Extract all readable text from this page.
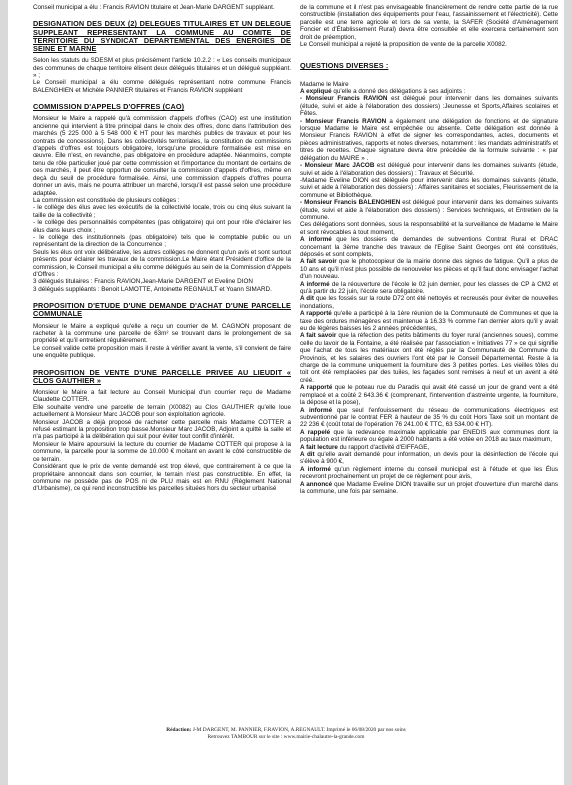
Conseil municipal a élu : Francis RAVION titulaire et Jean-Marie DARGENT suppléant.

DESIGNATION DES DEUX (2) DELEGUES TITULAIRES ET UN DELEGUE SUPPLEANT REPRESENTANT LA COMMUNE AU COMITE DE TERRITOIRE DU SYNDICAT DEPARTEMENTAL DES ENERGIES DE SEINE ET MARNE

Selon les statuts du SDESM et plus précisément l'article 10.2.2 : « Les conseils municipaux des communes de chaque territoire élisent deux délégués titulaires et un délégué suppléant. » ;

Le Conseil municipal a élu comme délégués représentant notre commune Francis BALENGHIEN et Michèle PANNIER titulaires et Francis RAVION suppléant

COMMISSION D'APPELS D'OFFRES (CAO)

Monsieur le Maire a rappelé qu'à commission d'appels d'offres (CAO) est une institution ancienne qui intervient à titre principal dans le choix des offres, donc dans l'attribution des marchés (5 225 000 à 5 548 000 € HT pour les marchés publics de travaux et pour les contrats de concessions). Dans les collectivités territoriales, la constitution de commissions d'appels d'offres est toujours obligatoire, lorsqu'une procédure formalisée est mise en œuvre. Elle n'est, en revanche, pas obligatoire en procédure adaptée. Néanmoins, compte tenu de rôle particulier joué par cette commission et l'importance du montant de certains de ces marchés, il peut être opportun de consulter la commission d'appels d'offres, même en deçà du seuil de procédure formalisée. Ainsi, une commission d'appels d'offres pourra donner un avis, mais ne pourra attribuer un marché, lorsqu'il est passé selon une procédure adaptée.

La commission est constituée de plusieurs collèges :

- le collège des élus avec les exécutifs de la collectivité locale, trois ou cinq élus suivant la taille de la collectivité ;
- le collège des personnalités compétentes (pas obligatoire) qui ont pour rôle d'éclairer les élus dans leurs choix ;
- le collège des institutionnels (pas obligatoire) tels que le comptable public ou un représentant de la direction de la Concurrence ;

Seuls les élus ont voix délibérative, les autres collèges ne donnent qu'un avis et sont surtout présents pour éclairer les travaux de la commission.Le Maire étant Président d'office de la commission, le Conseil municipal a élu comme délégués au sein de la Commission d'Appels d'Offres :

3 délégués titulaires : Francis RAVION,Jean-Marie DARGENT et Eveline DION

3 délégués suppléants : Benoit LAMOTTE, Antoinette REGNAULT et Yoann SIMARD.

PROPOSITION D'ETUDE D'UNE DEMANDE D'ACHAT D'UNE PARCELLE COMMUNALE

Monsieur le Maire a expliqué qu'elle a reçu un courrier de M. CAGNON proposant de racheter à la commune une parcelle de 63m² se trouvant dans le prolongement de sa propriété et qu'il entretient régulièrement.

Le conseil valide cette proposition mais il reste à vérifier avant la vente, s'il convient de faire une enquête publique.

PROPOSITION DE VENTE D'UNE PARCELLE PRIVEE AU LIEUDIT « CLOS GAUTHIER »

Monsieur le Maire a fait lecture au Conseil Municipal d'un courrier reçu de Madame Claudette COTTER.

Elle souhaite vendre une parcelle de terrain (X0082) au Clos GAUTHIER qu'elle loue actuellement à Monsieur Marc JACOB pour son exploitation agricole.

Monsieur JACOB a déjà proposé de racheter cette parcelle mais Madame COTTER a refusé estimant la proposition trop basse.Monsieur Marc JACOB, Adjoint a quitté la salle et n'a pas participé à la délibération qui suit pour éviter tout conflit d'intérêt.

Monsieur le Maire apoursuivi la lecture du courrier de Madame COTTER qui propose à la commune, la parcelle pour la somme de 10.000 € moitant en avant le côté constructible de ce terrain.

Considérant que le prix de vente demandé est trop élevé, que contrairement à ce que la propriétaire annoncait dans son courrier, le terrain n'est pas constructible. En effet, la commune ne possède pas de POS ni de PLU mais est en RNU (Règlement National d'Urbanisme), ce qui rend inconstructible les parcelles situées hors du secteur urbanisé

de la commune et il n'est pas envisageable financièrement de rendre cette partie de la rue constructible (installation des équipements pour l'eau, l'assainissement et l'électricité). Cette parcelle est une terre agricole et lors de sa vente, la SAFER (Société d'Aménagement Foncier et d'Établissement Rural) devra être consultée et elle exercera certainement son droit de préemption,

Le Conseil municipal a rejeté la proposition de vente de la parcelle X0082.

QUESTIONS DIVERSES :

Madame le Maire

A expliqué qu'elle a donné des délégations à ses adjoints :

- Monsieur Francis RAVION est délégué pour intervenir dans les domaines suivants (étude, suivi et aide à l'élaboration des dossiers) :Jeunesse et Sports,Affaires scolaires et Fêtes.

- Monsieur Francis RAVION a également une délégation de fonctions et de signature lorsque Madame le Maire est empêchée ou absente. Cette délégation est donnée à Monsieur Francis RAVION à effet de signer les correspondantes, actes, documents et pièces administratives, rapports et notes diverses, notamment : les mandats administratifs et titres de recettes. Chaque signature devra être précédée de la formule suivante : « par délégation du MAIRE » .

- Monsieur Marc JACOB est délégué pour intervenir dans les domaines suivants (étude, suivi et aide à l'élaboration des dossiers) : Travaux et Sécurité.

-Madame Eveline DION est déléguée pour intervenir dans les domaines suivants (étude, suivi et aide à l'élaboration des dossiers) : Affaires sanitaires et sociales, Fleurissement de la commune et Bibliothèque.

- Monsieur Francis BALENGHIEN est délégué pour intervenir dans les domaines suivants (étude, suivi et aide à l'élaboration des dossiers) : Services techniques, et Entretien de la commune.

Ces délégations sont données, sous la responsabilité et la surveillance de Madame le Maire et sont révocables à tout moment,

A informé que les dossiers de demandes de subventions Contrat Rural et DRAC concernant la 3ème tranche des travaux de l'Eglise Saint Georges ont été constitués, déposés et sont complets,

A fait savoir que le photocopieur de la mairie donne des signes de fatigue. Qu'il a plus de 10 ans et qu'il n'est plus possible de renouveler les pièces et qu'il faut donc envisager l'achat d'un nouveau.

A informé de la réouverture de l'école le 02 juin dernier, pour les classes de CP à CM2 et qu'à partir du 22 juin, l'école sera obligatoire.

A dit que les fossés sur la route D72 ont été nettoyés et recreusés pour éviter de nouvelles inondations,

A rapporté qu'elle a participé à la 1ère réunion de la Communauté de Communes et que la taxe des ordures ménagères est maintenue à 16.33 % comme l'an dernier alors qu'il y avait eu de légères baisses les 2 années précédentes,

A fait savoir que la réfection des petits bâtiments du foyer rural (anciennes soues), comme celle du lavoir de la Fontaine, a été réalisée par l'association « Initiatives 77 » ce qui signifie que l'achat de tous les matériaux ont été réglés par la Communauté de Commune du Provinois, et les salaires des ouvriers l'ont été par le Conseil Départemental. Reste à la charge de la commune uniquement la fourniture des 3 petites portes. Les vieilles tôles du toit ont été remplacées par des tuiles, les façades sont remises à neuf et un avent a été créé.

A rapporté que le poteau rue du Paradis qui avait été cassé un jour de grand vent a été remplacé et a coûté 2 643.36 € (comprenant, l'intervention d'astreinte urgente, la fourniture, la dépose et la pose),

A informé que seul l'enfouissement du réseau de communications électriques est subventionné par le contrat FER à hauteur de 35 % du coût Hors Taxe soit un montant de 22 236 € (coût total de l'opération 76 241.00 € TTC, 63 534.00 € HT).

A rappelé que la redevance maximale applicable par ENEDIS aux communes dont la population est inférieure ou égale à 2000 habitants a été votée en 2018 au taux maximum,

A fait lecture du rapport d'activité d'EIFFAGE,

A dit qu'elle avait demandé pour information, un devis pour la désinfection de l'école qui s'élève à 900 €,

A informé qu'un règlement interne du conseil municipal est à l'étude et que les Élus recevront prochainement un projet de ce règlement pour avis,

A annoncé que Madame Eveline DION travaille sur un projet d'ouverture d'un marché dans la commune, une fois par semaine.

Rédaction: J-M DARGENT, M. PANNIER, F.RAVION, A.REGNAULT. Imprimé le 06/08/2020 par nos soins
Retrouvez TAMBOUR sur le site : www.mairie-chalautre-la-grande.com
